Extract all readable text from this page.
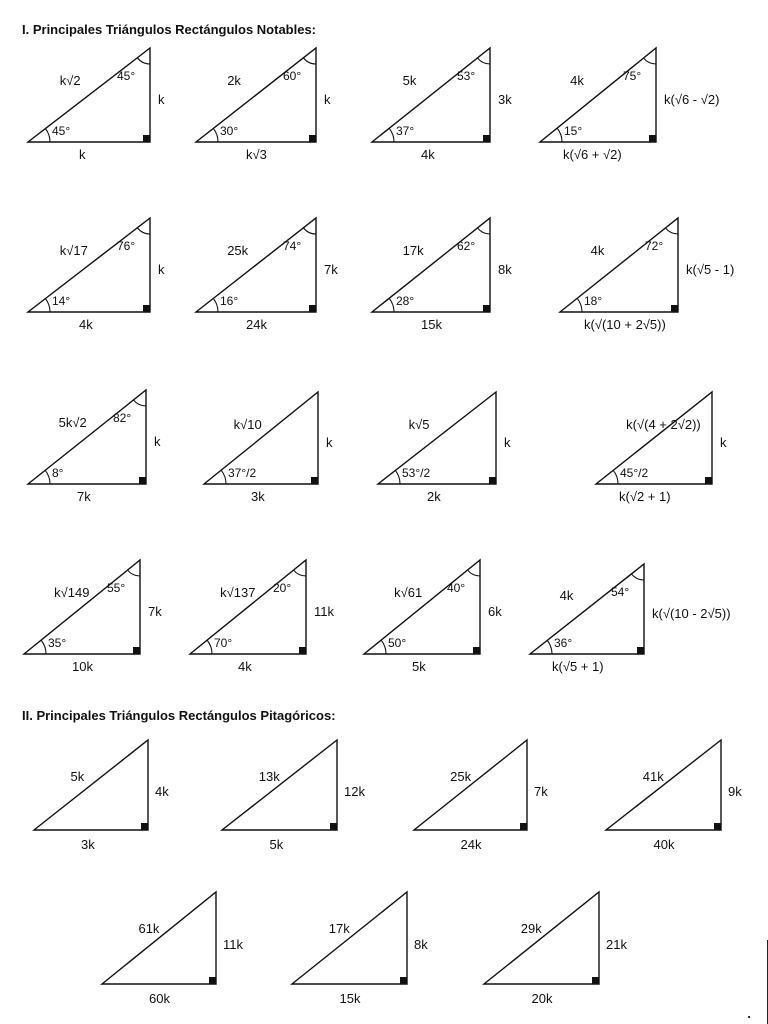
I. Principales Triángulos Rectángulos Notables:
II. Principales Triángulos Rectángulos Pitagóricos:
k√2	45°
k
45°
k
2k	60°
k
30°
k√3
5k	53°
3k
37°
4k
4k	75°
k(√6 - √2)
15°
k(√6 + √2)
k√17 76°
k
14°
4k
25k	74°
7k
16°
24k
17k	62°
8k
28°
15k
4k	72°
k(√5 - 1)
18°
k(√(10 + 2√5))
5k√2 82°
k
8°
7k
k√10
k
37°/2
3k
k√5
k
53°/2
2k
k(√(4 + 2√2))
k
45°/2
k(√2 + 1)
k√149 55°
7k
35°
10k
k√137 20°
11k
70°
4k
k√61 40°
6k
50°
5k
4k	54°
k(√(10 - 2√5))
36°
k(√5 + 1)
5k
4k
3k
13k
12k
5k
25k
7k
24k
41k
9k
40k
61k
11k
60k
17k
8k
15k
29k
21k
20k
